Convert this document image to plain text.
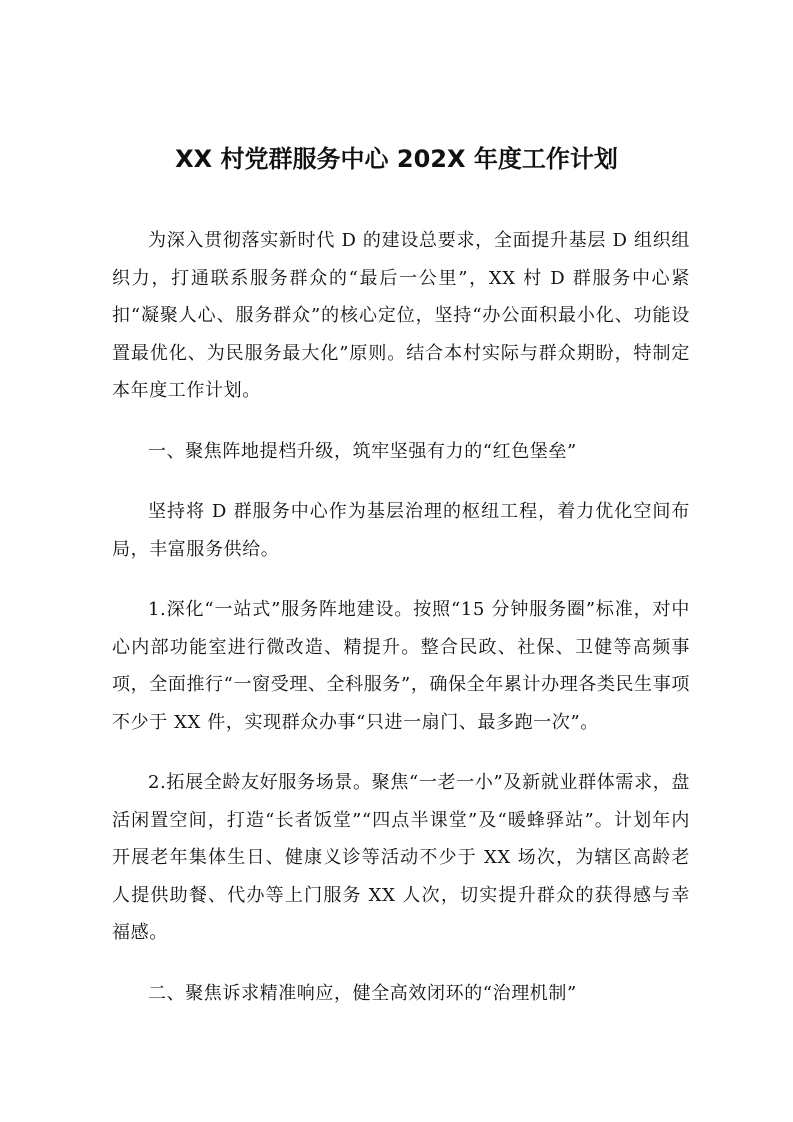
XX 村党群服务中心 202X 年度工作计划

为深入贯彻落实新时代 D 的建设总要求，全面提升基层 D 组织组织力，打通联系服务群众的“最后一公里”，XX 村 D 群服务中心紧扣“凝聚人心、服务群众”的核心定位，坚持“办公面积最小化、功能设置最优化、为民服务最大化”原则。结合本村实际与群众期盼，特制定本年度工作计划。

一、聚焦阵地提档升级，筑牢坚强有力的“红色堡垒”

坚持将 D 群服务中心作为基层治理的枢纽工程，着力优化空间布局，丰富服务供给。

1.深化“一站式”服务阵地建设。按照“15 分钟服务圈”标准，对中心内部功能室进行微改造、精提升。整合民政、社保、卫健等高频事项，全面推行“一窗受理、全科服务”，确保全年累计办理各类民生事项不少于 XX 件，实现群众办事“只进一扇门、最多跑一次”。

2.拓展全龄友好服务场景。聚焦“一老一小”及新就业群体需求，盘活闲置空间，打造“长者饭堂”“四点半课堂”及“暖蜂驿站”。计划年内开展老年集体生日、健康义诊等活动不少于 XX 场次，为辖区高龄老人提供助餐、代办等上门服务 XX 人次，切实提升群众的获得感与幸福感。

二、聚焦诉求精准响应，健全高效闭环的“治理机制”
